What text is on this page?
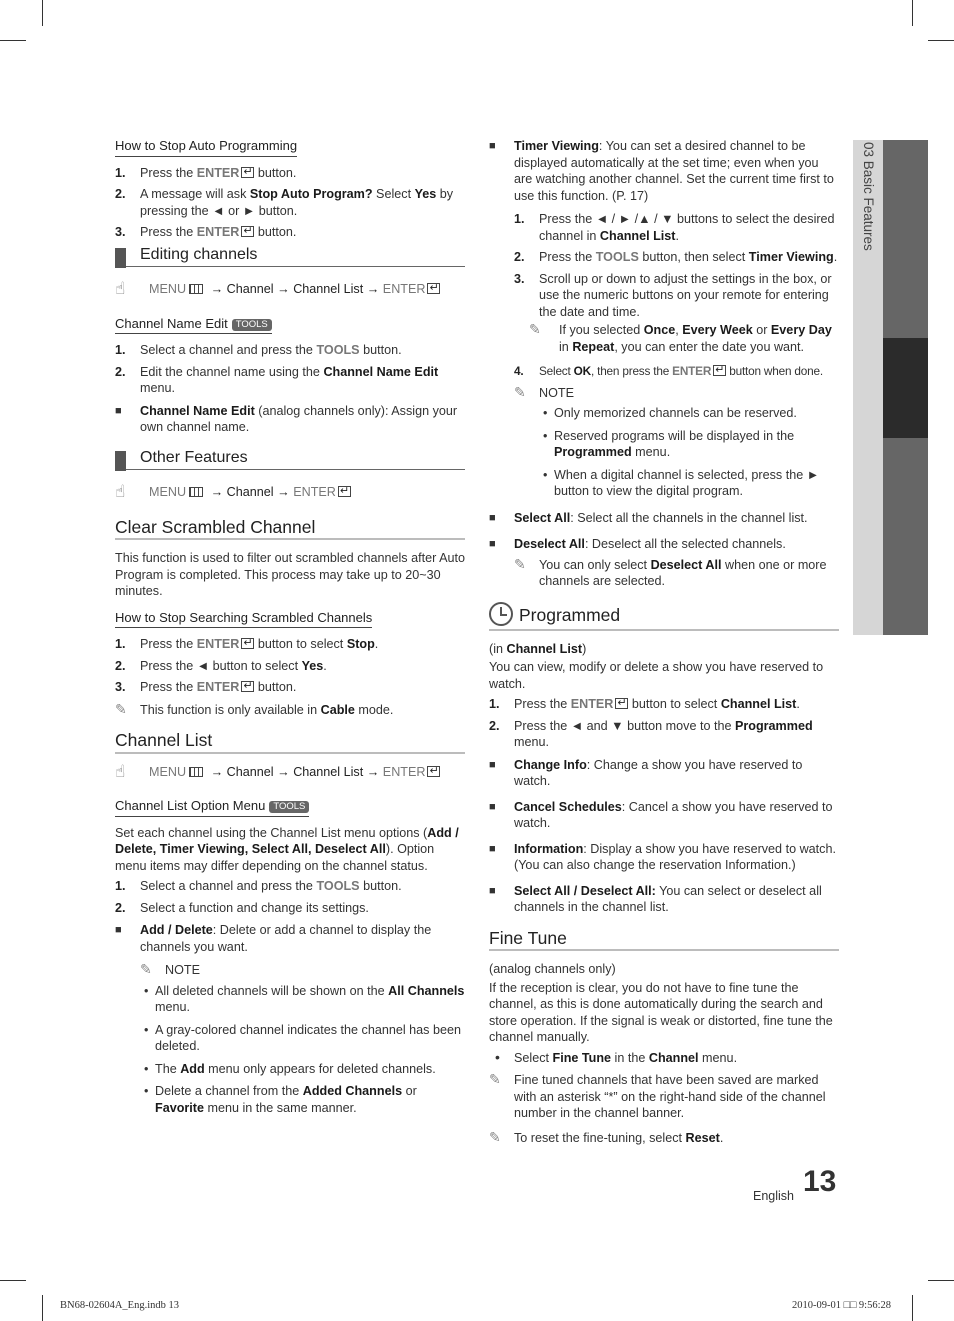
03 Basic Features
How to Stop Auto Programming
1.	Press the ENTER↵ button.
2.	A message will ask Stop Auto Program? Select Yes by pressing the ◄ or ► button.
3.	Press the ENTER↵ button.
Editing channels
☝	MENU → Channel → Channel List → ENTER↵
Channel Name Edit TOOLS
1.	Select a channel and press the TOOLS button.
2.	Edit the channel name using the Channel Name Edit menu.
■	Channel Name Edit (analog channels only): Assign your own channel name.
Other Features
☝	MENU → Channel → ENTER↵
Clear Scrambled Channel
This function is used to filter out scrambled channels after Auto Program is completed. This process may take up to 20~30 minutes.
How to Stop Searching Scrambled Channels
1.	Press the ENTER↵ button to select Stop.
2.	Press the ◄ button to select Yes.
3.	Press the ENTER↵ button.
✎	This function is only available in Cable mode.
Channel List
☝	MENU → Channel → Channel List → ENTER↵
Channel List Option Menu TOOLS
Set each channel using the Channel List menu options (Add / Delete, Timer Viewing, Select All, Deselect All). Option menu items may differ depending on the channel status.
1.	Select a channel and press the TOOLS button.
2.	Select a function and change its settings.
■	Add / Delete: Delete or add a channel to display the channels you want.
✎	NOTE
• All deleted channels will be shown on the All Channels menu.
• A gray-colored channel indicates the channel has been deleted.
• The Add menu only appears for deleted channels.
• Delete a channel from the Added Channels or Favorite menu in the same manner.
■	Timer Viewing: You can set a desired channel to be displayed automatically at the set time; even when you are watching another channel. Set the current time first to use this function. (P. 17)
1.	Press the ◄ / ► /▲ / ▼ buttons to select the desired channel in Channel List.
2.	Press the TOOLS button, then select Timer Viewing.
3.	Scroll up or down to adjust the settings in the box, or use the numeric buttons on your remote for entering the date and time.
✎	If you selected Once, Every Week or Every Day in Repeat, you can enter the date you want.
4.	Select OK, then press the ENTER↵ button when done.
✎	NOTE
• Only memorized channels can be reserved.
• Reserved programs will be displayed in the Programmed menu.
• When a digital channel is selected, press the ► button to view the digital program.
■	Select All: Select all the channels in the channel list.
■	Deselect All: Deselect all the selected channels.
✎	You can only select Deselect All when one or more channels are selected.
Programmed
(in Channel List)
You can view, modify or delete a show you have reserved to watch.
1.	Press the ENTER↵ button to select Channel List.
2.	Press the ◄ and ▼ button move to the Programmed menu.
■	Change Info: Change a show you have reserved to watch.
■	Cancel Schedules: Cancel a show you have reserved to watch.
■	Information: Display a show you have reserved to watch. (You can also change the reservation Information.)
■	Select All / Deselect All: You can select or deselect all channels in the channel list.
Fine Tune
(analog channels only)
If the reception is clear, you do not have to fine tune the channel, as this is done automatically during the search and store operation. If the signal is weak or distorted, fine tune the channel manually.
•	Select Fine Tune in the Channel menu.
✎	Fine tuned channels that have been saved are marked with an asterisk “*” on the right-hand side of the channel number in the channel banner.
✎	To reset the fine-tuning, select Reset.
English 13
BN68-02604A_Eng.indb 13	2010-09-01 □□ 9:56:28
